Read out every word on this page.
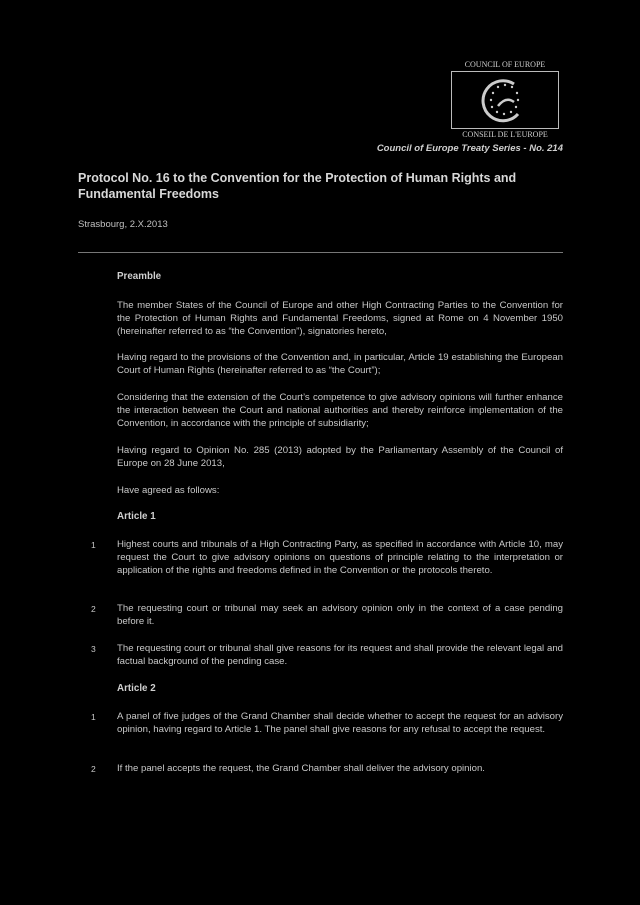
COUNCIL OF EUROPE
CONSEIL DE L'EUROPE
Council of Europe Treaty Series - No. 214
Protocol No. 16 to the Convention for the Protection of Human Rights and Fundamental Freedoms
Strasbourg, 2.X.2013
Preamble
The member States of the Council of Europe and other High Contracting Parties to the Convention for the Protection of Human Rights and Fundamental Freedoms, signed at Rome on 4 November 1950 (hereinafter referred to as “the Convention”), signatories hereto,
Having regard to the provisions of the Convention and, in particular, Article 19 establishing the European Court of Human Rights (hereinafter referred to as “the Court”);
Considering that the extension of the Court’s competence to give advisory opinions will further enhance the interaction between the Court and national authorities and thereby reinforce implementation of the Convention, in accordance with the principle of subsidiarity;
Having regard to Opinion No. 285 (2013) adopted by the Parliamentary Assembly of the Council of Europe on 28 June 2013,
Have agreed as follows:
Article 1
1 Highest courts and tribunals of a High Contracting Party, as specified in accordance with Article 10, may request the Court to give advisory opinions on questions of principle relating to the interpretation or application of the rights and freedoms defined in the Convention or the protocols thereto.
2 The requesting court or tribunal may seek an advisory opinion only in the context of a case pending before it.
3 The requesting court or tribunal shall give reasons for its request and shall provide the relevant legal and factual background of the pending case.
Article 2
1 A panel of five judges of the Grand Chamber shall decide whether to accept the request for an advisory opinion, having regard to Article 1. The panel shall give reasons for any refusal to accept the request.
2 If the panel accepts the request, the Grand Chamber shall deliver the advisory opinion.
